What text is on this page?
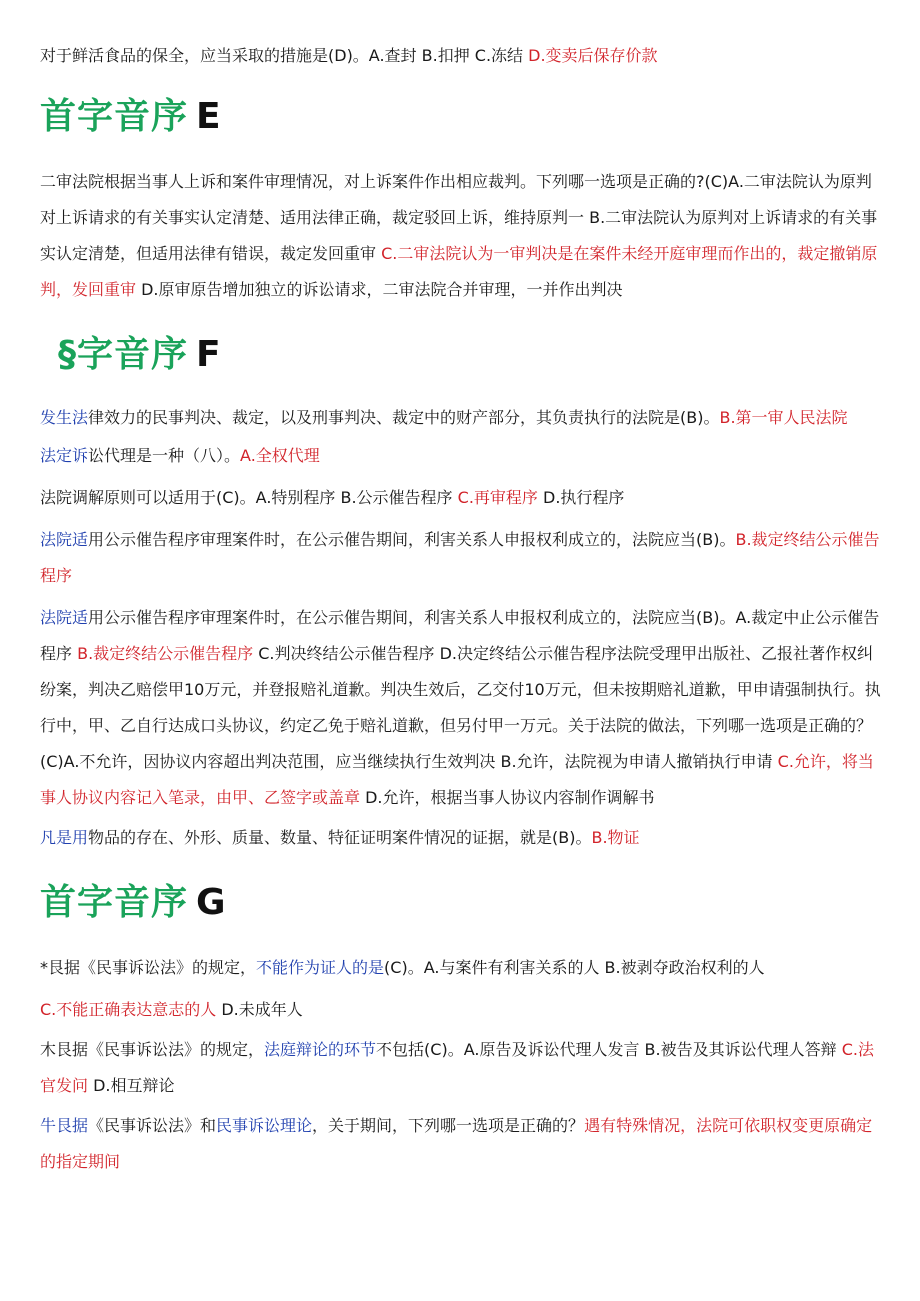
对于鲜活食品的保全，应当采取的措施是(D)。A.查封 B.扣押 C.冻结 D.变卖后保存价款

首字音序 E

二审法院根据当事人上诉和案件审理情况，对上诉案件作出相应裁判。下列哪一选项是正确的?(C)A.二审法院认为原判对上诉请求的有关事实认定清楚、适用法律正确，裁定驳回上诉，维持原判一 B.二审法院认为原判对上诉请求的有关事实认定清楚，但适用法律有错误，裁定发回重审 C.二审法院认为一审判决是在案件未经开庭审理而作出的，裁定撤销原判，发回重审 D.原审原告增加独立的诉讼请求，二审法院合并审理，一并作出判决

§字音序 F

发生法律效力的民事判决、裁定，以及刑事判决、裁定中的财产部分，其负责执行的法院是(B)。B.第一审人民法院

法定诉讼代理是一种（八）。A.全权代理

法院调解原则可以适用于(C)。A.特别程序 B.公示催告程序 C.再审程序 D.执行程序

法院适用公示催告程序审理案件时，在公示催告期间，利害关系人申报权利成立的，法院应当(B)。B.裁定终结公示催告程序

法院适用公示催告程序审理案件时，在公示催告期间，利害关系人申报权利成立的，法院应当(B)。A.裁定中止公示催告程序 B.裁定终结公示催告程序 C.判决终结公示催告程序 D.决定终结公示催告程序法院受理甲出版社、乙报社著作权纠纷案，判决乙赔偿甲10万元，并登报赔礼道歉。判决生效后，乙交付10万元，但未按期赔礼道歉，甲申请强制执行。执行中，甲、乙自行达成口头协议，约定乙免于赔礼道歉，但另付甲一万元。关于法院的做法，下列哪一选项是正确的？(C)A.不允许，因协议内容超出判决范围，应当继续执行生效判决 B.允许，法院视为申请人撤销执行申请 C.允许，将当事人协议内容记入笔录，由甲、乙签字或盖章 D.允许，根据当事人协议内容制作调解书

凡是用物品的存在、外形、质量、数量、特征证明案件情况的证据，就是(B)。B.物证

首字音序 G

*艮据《民事诉讼法》的规定，不能作为证人的是(C)。A.与案件有利害关系的人 B.被剥夺政治权利的人

C.不能正确表达意志的人 D.未成年人

木艮据《民事诉讼法》的规定，法庭辩论的环节不包括(C)。A.原告及诉讼代理人发言 B.被告及其诉讼代理人答辩 C.法官发问 D.相互辩论

牛艮据《民事诉讼法》和民事诉讼理论，关于期间，下列哪一选项是正确的？遇有特殊情况，法院可依职权变更原确定的指定期间
